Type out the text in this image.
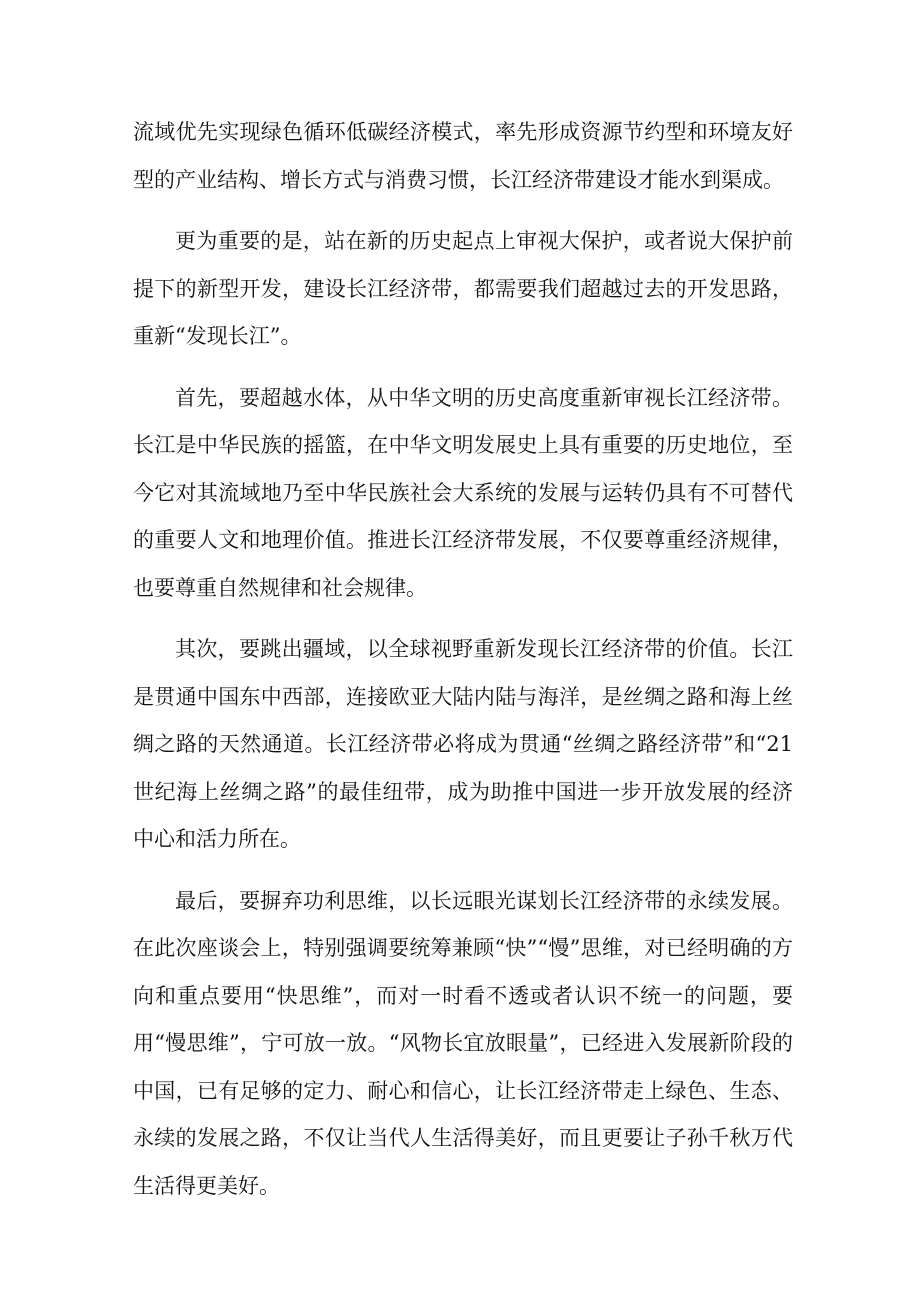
流域优先实现绿色循环低碳经济模式，率先形成资源节约型和环境友好型的产业结构、增长方式与消费习惯，长江经济带建设才能水到渠成。

更为重要的是，站在新的历史起点上审视大保护，或者说大保护前提下的新型开发，建设长江经济带，都需要我们超越过去的开发思路，重新“发现长江”。

首先，要超越水体，从中华文明的历史高度重新审视长江经济带。长江是中华民族的摇篮，在中华文明发展史上具有重要的历史地位，至今它对其流域地乃至中华民族社会大系统的发展与运转仍具有不可替代的重要人文和地理价值。推进长江经济带发展，不仅要尊重经济规律，也要尊重自然规律和社会规律。

其次，要跳出疆域，以全球视野重新发现长江经济带的价值。长江是贯通中国东中西部，连接欧亚大陆内陆与海洋，是丝绸之路和海上丝绸之路的天然通道。长江经济带必将成为贯通“丝绸之路经济带”和“21世纪海上丝绸之路”的最佳纽带，成为助推中国进一步开放发展的经济中心和活力所在。

最后，要摒弃功利思维，以长远眼光谋划长江经济带的永续发展。在此次座谈会上，特别强调要统筹兼顾“快”“慢”思维，对已经明确的方向和重点要用“快思维”，而对一时看不透或者认识不统一的问题，要用“慢思维”，宁可放一放。“风物长宜放眼量”，已经进入发展新阶段的中国，已有足够的定力、耐心和信心，让长江经济带走上绿色、生态、永续的发展之路，不仅让当代人生活得美好，而且更要让子孙千秋万代生活得更美好。
